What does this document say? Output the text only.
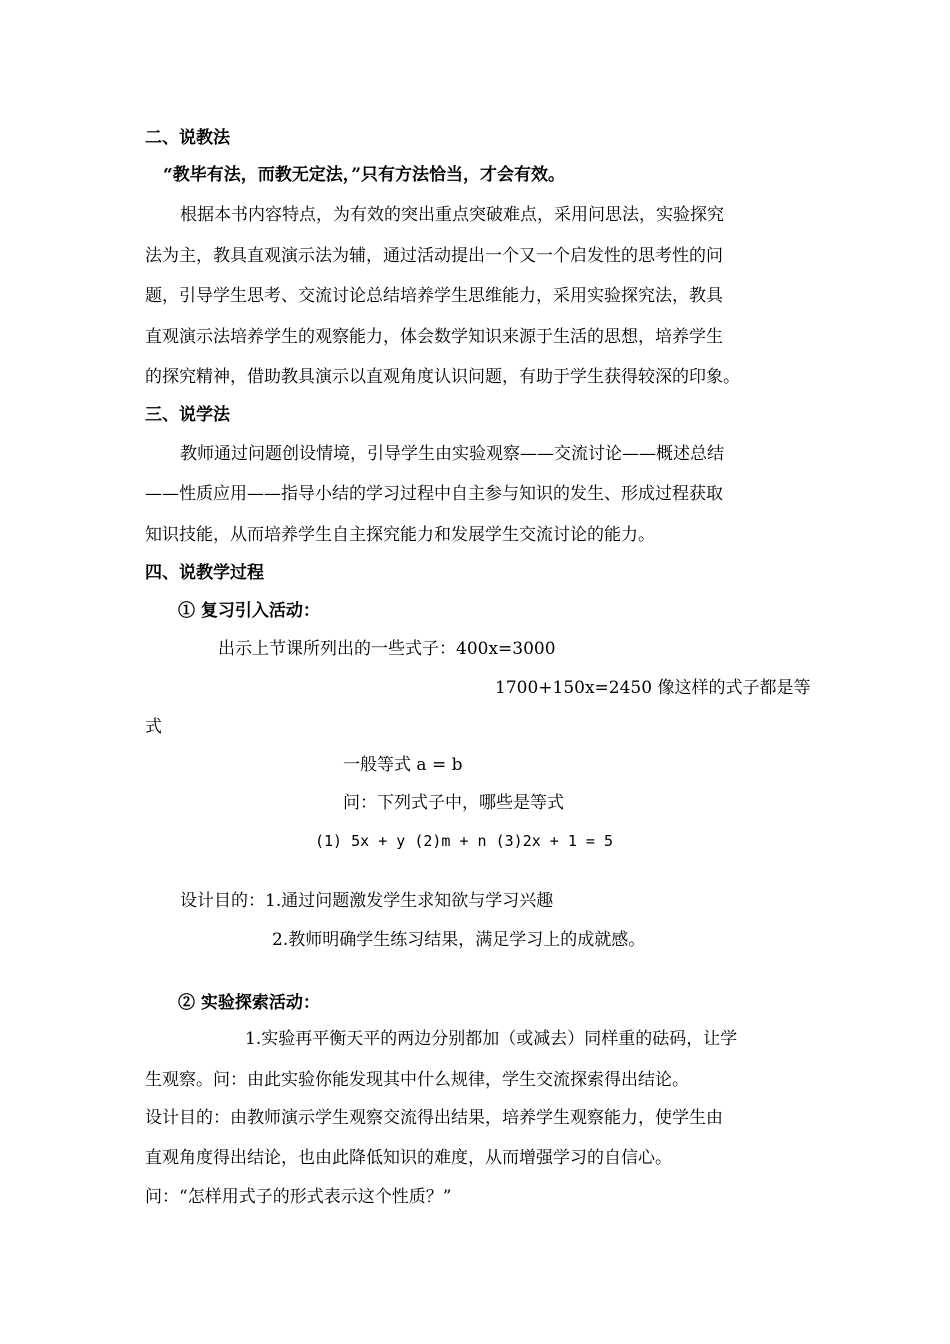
二、说教法
“教毕有法，而教无定法，”只有方法恰当，才会有效。
根据本书内容特点，为有效的突出重点突破难点，采用问思法，实验探究
法为主，教具直观演示法为辅，通过活动提出一个又一个启发性的思考性的问
题，引导学生思考、交流讨论总结培养学生思维能力，采用实验探究法，教具
直观演示法培养学生的观察能力，体会数学知识来源于生活的思想，培养学生
的探究精神，借助教具演示以直观角度认识问题，有助于学生获得较深的印象。
三、说学法
教师通过问题创设情境，引导学生由实验观察——交流讨论——概述总结
——性质应用——指导小结的学习过程中自主参与知识的发生、形成过程获取
知识技能，从而培养学生自主探究能力和发展学生交流讨论的能力。
四、说教学过程
① 复习引入活动：
出示上节课所列出的一些式子：400x=3000
1700+150x=2450 像这样的式子都是等
式
一般等式 a = b
问：下列式子中，哪些是等式
(1) 5x + y (2)m + n (3)2x + 1 = 5
设计目的：1.通过问题激发学生求知欲与学习兴趣
2.教师明确学生练习结果，满足学习上的成就感。
② 实验探索活动：
1.实验再平衡天平的两边分别都加（或减去）同样重的砝码，让学
生观察。问：由此实验你能发现其中什么规律，学生交流探索得出结论。
设计目的：由教师演示学生观察交流得出结果，培养学生观察能力，使学生由
直观角度得出结论，也由此降低知识的难度，从而增强学习的自信心。
问：“怎样用式子的形式表示这个性质？”
